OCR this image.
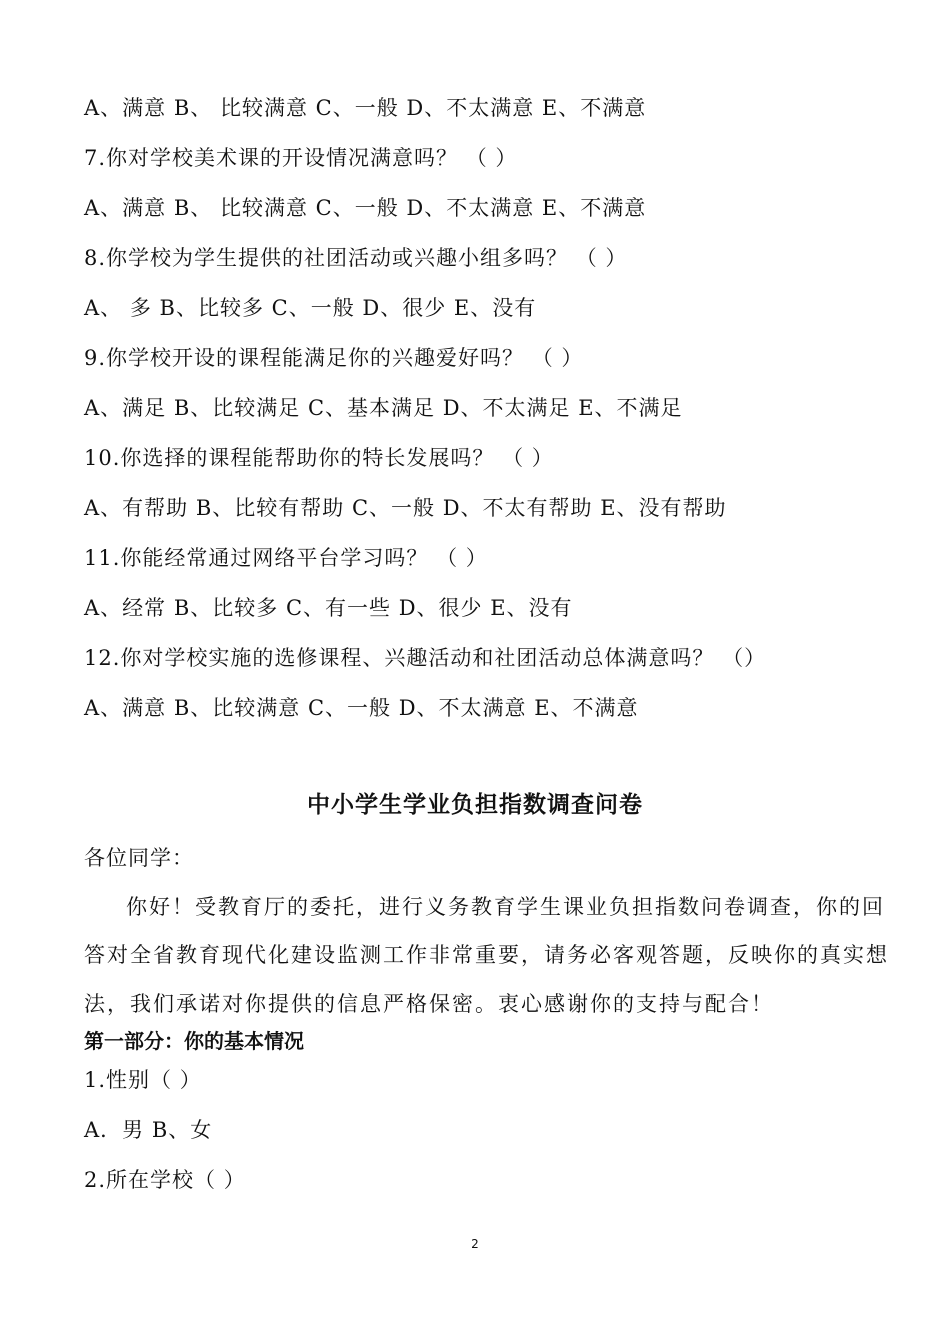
A、满意 B、 比较满意 C、一般 D、不太满意 E、不满意
7.你对学校美术课的开设情况满意吗？ （ ）
A、满意 B、 比较满意 C、一般 D、不太满意 E、不满意
8.你学校为学生提供的社团活动或兴趣小组多吗？ （ ）
A、 多 B、比较多 C、一般 D、很少 E、没有
9.你学校开设的课程能满足你的兴趣爱好吗？ （ ）
A、满足 B、比较满足 C、基本满足 D、不太满足 E、不满足
10.你选择的课程能帮助你的特长发展吗？ （ ）
A、有帮助 B、比较有帮助 C、一般 D、不太有帮助 E、没有帮助
11.你能经常通过网络平台学习吗？ （ ）
A、经常 B、比较多 C、有一些 D、很少 E、没有
12.你对学校实施的选修课程、兴趣活动和社团活动总体满意吗？ （）
A、满意 B、比较满意 C、一般 D、不太满意 E、不满意
中小学生学业负担指数调查问卷
各位同学：
你好！受教育厅的委托，进行义务教育学生课业负担指数问卷调查，你的回
答对全省教育现代化建设监测工作非常重要，请务必客观答题，反映你的真实想
法，我们承诺对你提供的信息严格保密。衷心感谢你的支持与配合！
第一部分：你的基本情况
1.性别（ ）
A．男 B、女
2.所在学校（ ）
2
